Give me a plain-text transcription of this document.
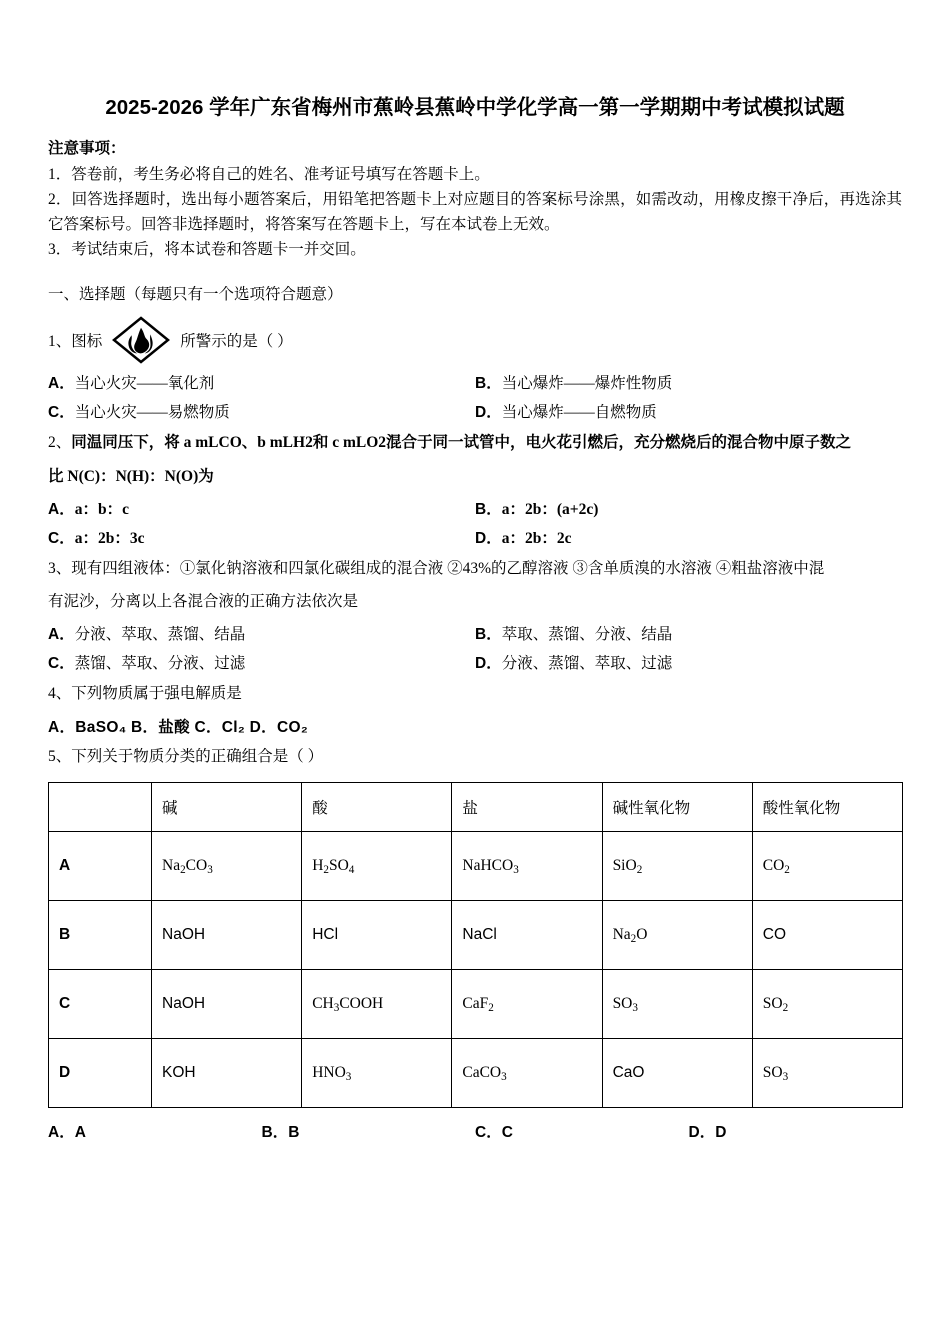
2025-2026 学年广东省梅州市蕉岭县蕉岭中学化学高一第一学期期中考试模拟试题
注意事项：

1．答卷前，考生务必将自己的姓名、准考证号填写在答题卡上。

2．回答选择题时，选出每小题答案后，用铅笔把答题卡上对应题目的答案标号涂黑，如需改动，用橡皮擦干净后，再选涂其它答案标号。回答非选择题时，将答案写在答题卡上，写在本试卷上无效。

3．考试结束后，将本试卷和答题卡一并交回。

一、选择题（每题只有一个选项符合题意）
1、 图标	所警示的是（ ）
A．当心火灾——氧化剂	B．当心爆炸——爆炸性物质
C．当心火灾——易燃物质	D．当心爆炸——自燃物质
2、同温同压下，将 a mLCO、b mLH2和 c mLO2混合于同一试管中，电火花引燃后，充分燃烧后的混合物中原子数之
比 N(C)：N(H)：N(O)为
A．a：b：c	B．a：2b：(a+2c)
C．a：2b：3c	D．a：2b：2c
3、现有四组液体：①氯化钠溶液和四氯化碳组成的混合液 ②43%的乙醇溶液 ③含单质溴的水溶液 ④粗盐溶液中混
有泥沙，分离以上各混合液的正确方法依次是
A．分液、萃取、蒸馏、结晶	B．萃取、蒸馏、分液、结晶
C．蒸馏、萃取、分液、过滤	D．分液、蒸馏、萃取、过滤
4、下列物质属于强电解质是
A．BaSO₄ B．盐酸 C．Cl₂ D．CO₂
5、下列关于物质分类的正确组合是（ ）
	碱	酸	盐	碱性氧化物	酸性氧化物
A	$Na_2CO_3$	$H_2SO_4$	NaHCO$_3$	SiO$_2$	$CO_2$
B	NaOH	HCl	NaCl	$Na_2O$	CO
C	NaOH	$CH_3COOH$	CaF$_2$	$SO_3$	$SO_2$
D	KOH	$HNO_3$	CaCO$_3$	CaO	$SO_3$
A．A	B．B	C．C	D．D
